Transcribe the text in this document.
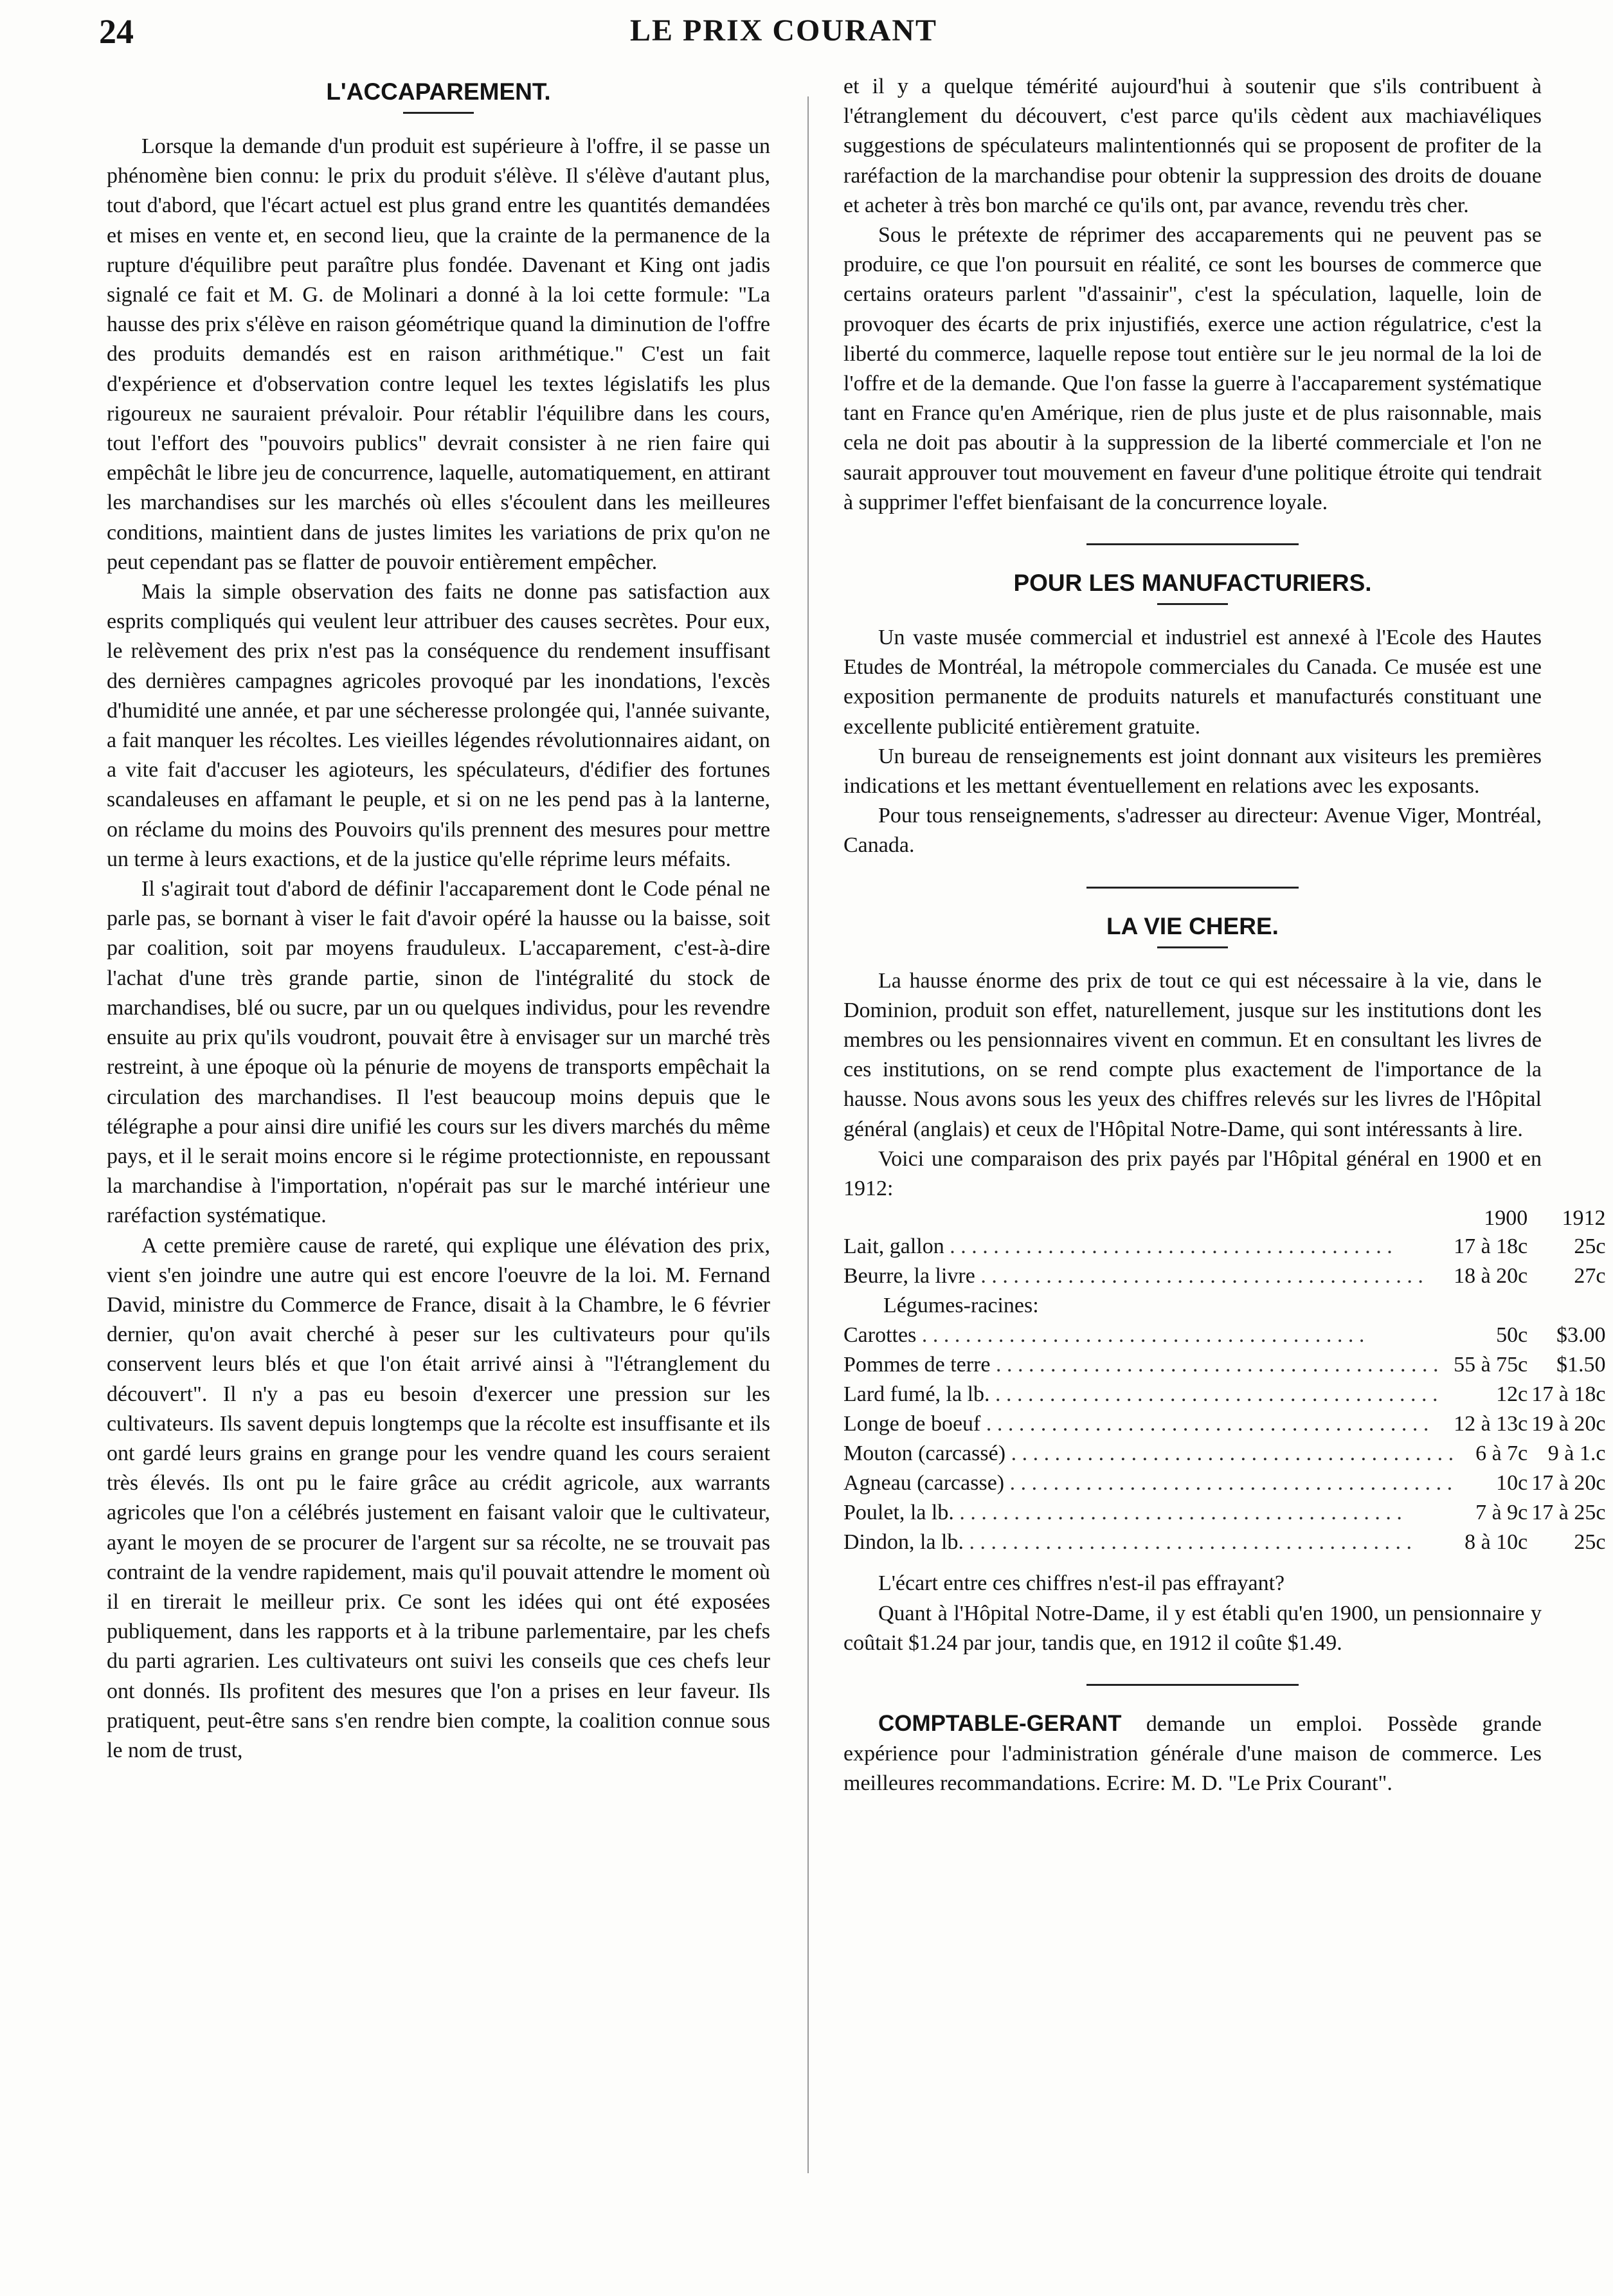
24	LE PRIX COURANT
L'ACCAPAREMENT.

Lorsque la demande d'un produit est supérieure à l'offre, il se passe un phénomène bien connu: le prix du produit s'élève. Il s'élève d'autant plus, tout d'abord, que l'écart actuel est plus grand entre les quantités demandées et mises en vente et, en second lieu, que la crainte de la permanence de la rupture d'équilibre peut paraître plus fondée. Davenant et King ont jadis signalé ce fait et M. G. de Molinari a donné à la loi cette formule: "La hausse des prix s'élève en raison géométrique quand la diminution de l'offre des produits demandés est en raison arithmétique." C'est un fait d'expérience et d'observation contre lequel les textes législatifs les plus rigoureux ne sauraient prévaloir. Pour rétablir l'équilibre dans les cours, tout l'effort des "pouvoirs publics" devrait consister à ne rien faire qui empêchât le libre jeu de concurrence, laquelle, automatiquement, en attirant les marchandises sur les marchés où elles s'écoulent dans les meilleures conditions, maintient dans de justes limites les variations de prix qu'on ne peut cependant pas se flatter de pouvoir entièrement empêcher.

Mais la simple observation des faits ne donne pas satisfaction aux esprits compliqués qui veulent leur attribuer des causes secrètes. Pour eux, le relèvement des prix n'est pas la conséquence du rendement insuffisant des dernières campagnes agricoles provoqué par les inondations, l'excès d'humidité une année, et par une sécheresse prolongée qui, l'année suivante, a fait manquer les récoltes. Les vieilles légendes révolutionnaires aidant, on a vite fait d'accuser les agioteurs, les spéculateurs, d'édifier des fortunes scandaleuses en affamant le peuple, et si on ne les pend pas à la lanterne, on réclame du moins des Pouvoirs qu'ils prennent des mesures pour mettre un terme à leurs exactions, et de la justice qu'elle réprime leurs méfaits.

Il s'agirait tout d'abord de définir l'accaparement dont le Code pénal ne parle pas, se bornant à viser le fait d'avoir opéré la hausse ou la baisse, soit par coalition, soit par moyens frauduleux. L'accaparement, c'est-à-dire l'achat d'une très grande partie, sinon de l'intégralité du stock de marchandises, blé ou sucre, par un ou quelques individus, pour les revendre ensuite au prix qu'ils voudront, pouvait être à envisager sur un marché très restreint, à une époque où la pénurie de moyens de transports empêchait la circulation des marchandises. Il l'est beaucoup moins depuis que le télégraphe a pour ainsi dire unifié les cours sur les divers marchés du même pays, et il le serait moins encore si le régime protectionniste, en repoussant la marchandise à l'importation, n'opérait pas sur le marché intérieur une raréfaction systématique.

A cette première cause de rareté, qui explique une élévation des prix, vient s'en joindre une autre qui est encore l'oeuvre de la loi. M. Fernand David, ministre du Commerce de France, disait à la Chambre, le 6 février dernier, qu'on avait cherché à peser sur les cultivateurs pour qu'ils conservent leurs blés et que l'on était arrivé ainsi à "l'étranglement du découvert". Il n'y a pas eu besoin d'exercer une pression sur les cultivateurs. Ils savent depuis longtemps que la récolte est insuffisante et ils ont gardé leurs grains en grange pour les vendre quand les cours seraient très élevés. Ils ont pu le faire grâce au crédit agricole, aux warrants agricoles que l'on a célébrés justement en faisant valoir que le cultivateur, ayant le moyen de se procurer de l'argent sur sa récolte, ne se trouvait pas contraint de la vendre rapidement, mais qu'il pouvait attendre le moment où il en tirerait le meilleur prix. Ce sont les idées qui ont été exposées publiquement, dans les rapports et à la tribune parlementaire, par les chefs du parti agrarien. Les cultivateurs ont suivi les conseils que ces chefs leur ont donnés. Ils profitent des mesures que l'on a prises en leur faveur. Ils pratiquent, peut-être sans s'en rendre bien compte, la coalition connue sous le nom de trust,

et il y a quelque témérité aujourd'hui à soutenir que s'ils contribuent à l'étranglement du découvert, c'est parce qu'ils cèdent aux machiavéliques suggestions de spéculateurs malintentionnés qui se proposent de profiter de la raréfaction de la marchandise pour obtenir la suppression des droits de douane et acheter à très bon marché ce qu'ils ont, par avance, revendu très cher.

Sous le prétexte de réprimer des accaparements qui ne peuvent pas se produire, ce que l'on poursuit en réalité, ce sont les bourses de commerce que certains orateurs parlent "d'assainir", c'est la spéculation, laquelle, loin de provoquer des écarts de prix injustifiés, exerce une action régulatrice, c'est la liberté du commerce, laquelle repose tout entière sur le jeu normal de la loi de l'offre et de la demande. Que l'on fasse la guerre à l'accaparement systématique tant en France qu'en Amérique, rien de plus juste et de plus raisonnable, mais cela ne doit pas aboutir à la suppression de la liberté commerciale et l'on ne saurait approuver tout mouvement en faveur d'une politique étroite qui tendrait à supprimer l'effet bienfaisant de la concurrence loyale.

POUR LES MANUFACTURIERS.

Un vaste musée commercial et industriel est annexé à l'Ecole des Hautes Etudes de Montréal, la métropole commerciales du Canada. Ce musée est une exposition permanente de produits naturels et manufacturés constituant une excellente publicité entièrement gratuite.

Un bureau de renseignements est joint donnant aux visiteurs les premières indications et les mettant éventuellement en relations avec les exposants.

Pour tous renseignements, s'adresser au directeur: Avenue Viger, Montréal, Canada.

LA VIE CHERE.

La hausse énorme des prix de tout ce qui est nécessaire à la vie, dans le Dominion, produit son effet, naturellement, jusque sur les institutions dont les membres ou les pensionnaires vivent en commun. Et en consultant les livres de ces institutions, on se rend compte plus exactement de l'importance de la hausse. Nous avons sous les yeux des chiffres relevés sur les livres de l'Hôpital général (anglais) et ceux de l'Hôpital Notre-Dame, qui sont intéressants à lire.

Voici une comparaison des prix payés par l'Hôpital général en 1900 et en 1912:

	1900	1912

Lait, gallon . . .	17 à 18c	25c

Beurre, la livre . . .	18 à 20c	27c
Légumes-racines:		

Carottes . . .	50c	$3.00

Pommes de terre . . .	55 à 75c	$1.50

Lard fumé, la lb. . . .	12c	17 à 18c

Longe de boeuf . . .	12 à 13c	19 à 20c

Mouton (carcassé) . . .	6 à 7c	9 à 1.c

Agneau (carcasse) . . .	10c	17 à 20c

Poulet, la lb. . . .	7 à 9c	17 à 25c

Dindon, la lb. . . .	8 à 10c	25c

L'écart entre ces chiffres n'est-il pas effrayant?

Quant à l'Hôpital Notre-Dame, il y est établi qu'en 1900, un pensionnaire y coûtait $1.24 par jour, tandis que, en 1912 il coûte $1.49.

COMPTABLE-GERANT demande un emploi. Possède grande expérience pour l'administration générale d'une maison de commerce. Les meilleures recommandations. Ecrire: M. D. "Le Prix Courant".
